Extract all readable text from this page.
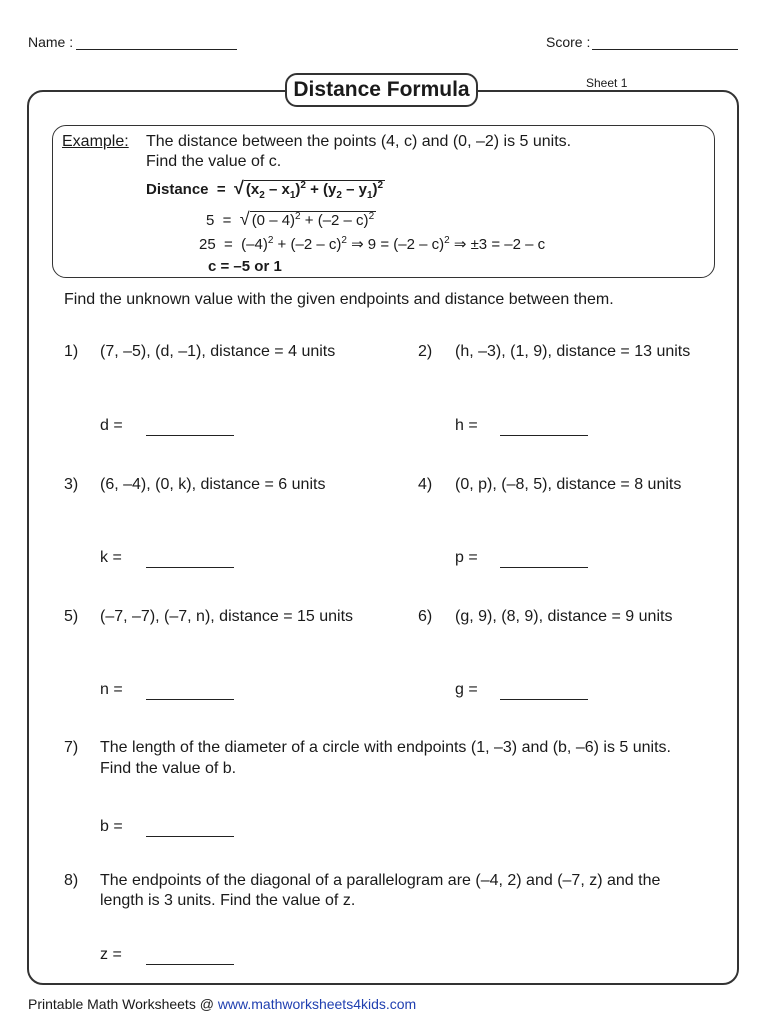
Name :	Score :
Distance Formula	Sheet 1
Example: The distance between the points (4, c) and (0, –2) is 5 units.
Find the value of c.
Distance  =  √ $(x_2 - x_1)^2 + (y_2 - y_1)^2$
5  =  √ (0 – 4)$^2$ + (–2 – c)$^2$
$25 = (-4)^2 + (-2 - c)^2$ ⇒ 9 = (–2 – c)$^2$ ⇒ ±3 = –2 – c
c = –5 or 1
Find the unknown value with the given endpoints and distance between them.
1) (7, –5), (d, –1), distance = 4 units
d =
2) (h, –3), (1, 9), distance = 13 units
h =
3) (6, –4), (0, k), distance = 6 units
k =
4) (0, p), (–8, 5), distance = 8 units
p =
5) (–7, –7), (–7, n), distance = 15 units
n =
6) (g, 9), (8, 9), distance = 9 units
g =
7) The length of the diameter of a circle with endpoints (1, –3) and (b, –6) is 5 units.
Find the value of b.
b =
8) The endpoints of the diagonal of a parallelogram are (–4, 2) and (–7, z) and the
length is 3 units. Find the value of z.
z =
Printable Math Worksheets @ www.mathworksheets4kids.com
